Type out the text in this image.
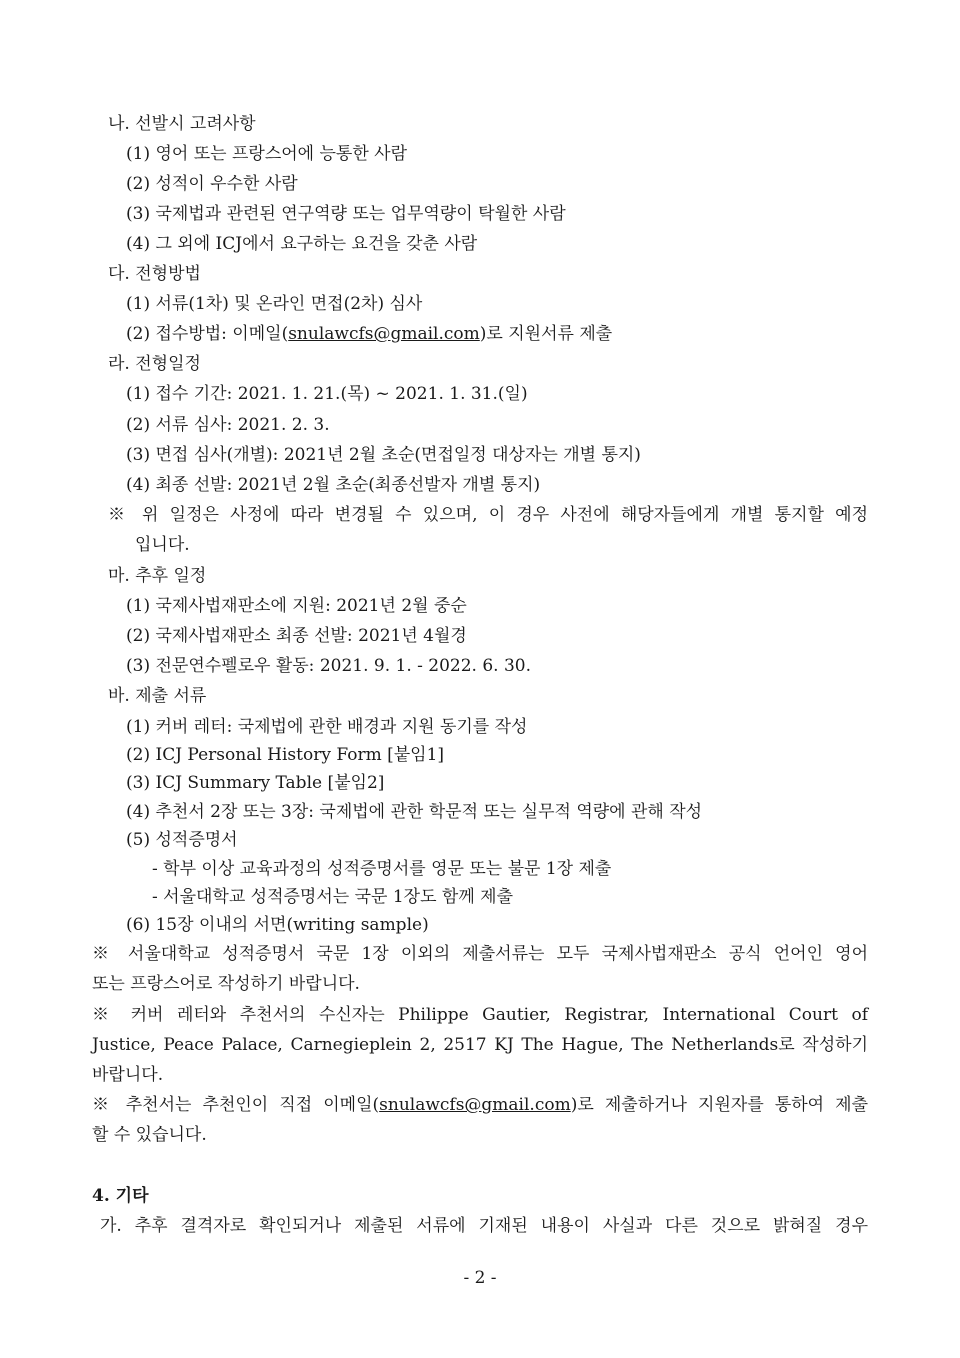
나. 선발시 고려사항
(1) 영어 또는 프랑스어에 능통한 사람
(2) 성적이 우수한 사람
(3) 국제법과 관련된 연구역량 또는 업무역량이 탁월한 사람
(4) 그 외에 ICJ에서 요구하는 요건을 갖춘 사람
다. 전형방법
(1) 서류(1차) 및 온라인 면접(2차) 심사
(2) 접수방법: 이메일(snulawcfs@gmail.com)로 지원서류 제출
라. 전형일정
(1) 접수 기간: 2021. 1. 21.(목) ~ 2021. 1. 31.(일)
(2) 서류 심사: 2021. 2. 3.
(3) 면접 심사(개별): 2021년 2월 초순(면접일정 대상자는 개별 통지)
(4) 최종 선발: 2021년 2월 초순(최종선발자 개별 통지)
※ 위 일정은 사정에 따라 변경될 수 있으며, 이 경우 사전에 해당자들에게 개별 통지할 예정
입니다.
마. 추후 일정
(1) 국제사법재판소에 지원: 2021년 2월 중순
(2) 국제사법재판소 최종 선발: 2021년 4월경
(3) 전문연수펠로우 활동: 2021. 9. 1. - 2022. 6. 30.
바. 제출 서류
(1) 커버 레터: 국제법에 관한 배경과 지원 동기를 작성
(2) ICJ Personal History Form [붙임1]
(3) ICJ Summary Table [붙임2]
(4) 추천서 2장 또는 3장: 국제법에 관한 학문적 또는 실무적 역량에 관해 작성
(5) 성적증명서
- 학부 이상 교육과정의 성적증명서를 영문 또는 불문 1장 제출
- 서울대학교 성적증명서는 국문 1장도 함께 제출
(6) 15장 이내의 서면(writing sample)
※ 서울대학교 성적증명서 국문 1장 이외의 제출서류는 모두 국제사법재판소 공식 언어인 영어
또는 프랑스어로 작성하기 바랍니다.
※ 커버 레터와 추천서의 수신자는 Philippe Gautier, Registrar, International Court of
Justice, Peace Palace, Carnegieplein 2, 2517 KJ The Hague, The Netherlands로 작성하기
바랍니다.
※ 추천서는 추천인이 직접 이메일(snulawcfs@gmail.com)로 제출하거나 지원자를 통하여 제출
할 수 있습니다.
4. 기타
가. 추후 결격자로 확인되거나 제출된 서류에 기재된 내용이 사실과 다른 것으로 밝혀질 경우
- 2 -
